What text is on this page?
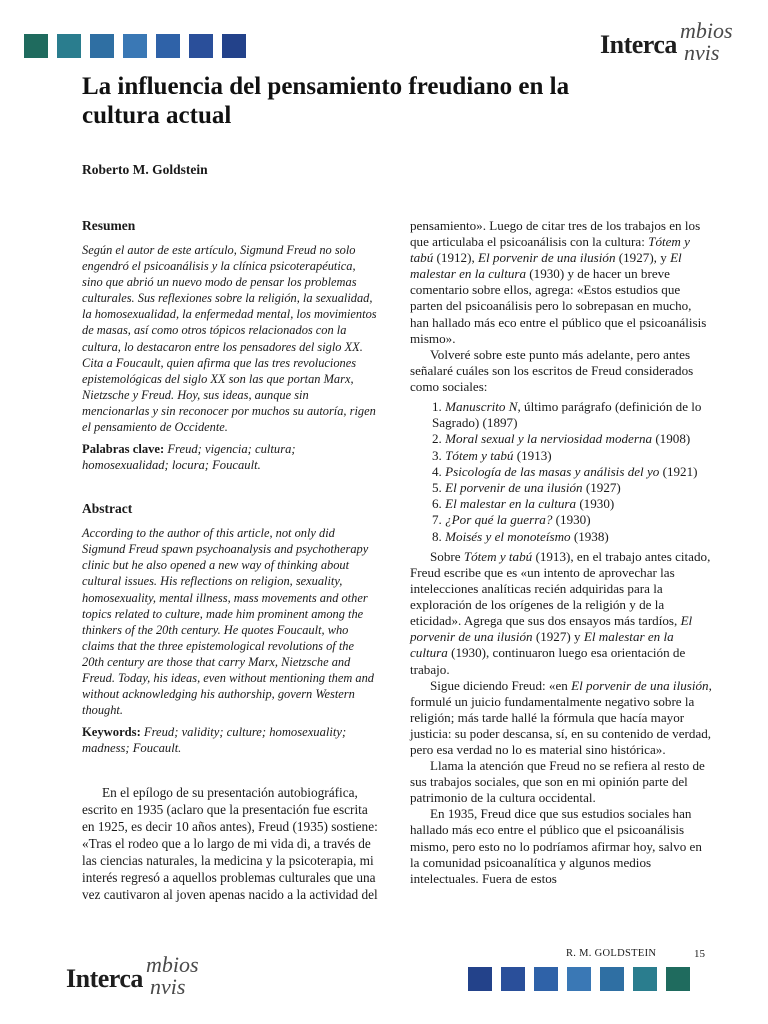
Interca mbios
nvis
La influencia del pensamiento freudiano en la cultura actual

Roberto M. Goldstein

Resumen

Según el autor de este artículo, Sigmund Freud no solo engendró el psicoanálisis y la clínica psicoterapéutica, sino que abrió un nuevo modo de pensar los problemas culturales. Sus reflexiones sobre la religión, la sexualidad, la homosexualidad, la enfermedad mental, los movimientos de masas, así como otros tópicos relacionados con la cultura, lo destacaron entre los pensadores del siglo XX. Cita a Foucault, quien afirma que las tres revoluciones epistemológicas del siglo XX son las que portan Marx, Nietzsche y Freud. Hoy, sus ideas, aunque sin mencionarlas y sin reconocer por muchos su autoría, rigen el pensamiento de Occidente.

Palabras clave: Freud; vigencia; cultura; homosexualidad; locura; Foucault.

Abstract

According to the author of this article, not only did Sigmund Freud spawn psychoanalysis and psychotherapy clinic but he also opened a new way of thinking about cultural issues. His reflections on religion, sexuality, homosexuality, mental illness, mass movements and other topics related to culture, made him prominent among the thinkers of the 20th century. He quotes Foucault, who claims that the three epistemological revolutions of the 20th century are those that carry Marx, Nietzsche and Freud. Today, his ideas, even without mentioning them and without acknowledging his authorship, govern Western thought.

Keywords: Freud; validity; culture; homosexuality; madness; Foucault.

En el epílogo de su presentación autobiográfica, escrito en 1935 (aclaro que la presentación fue escrita en 1925, es decir 10 años antes), Freud (1935) sostiene: «Tras el rodeo que a lo largo de mi vida di, a través de las ciencias naturales, la medicina y la psicoterapia, mi interés regresó a aquellos problemas culturales que una vez cautivaron al joven apenas nacido a la actividad del

pensamiento». Luego de citar tres de los trabajos en los que articulaba el psicoanálisis con la cultura: Tótem y tabú (1912), El porvenir de una ilusión (1927), y El malestar en la cultura (1930) y de hacer un breve comentario sobre ellos, agrega: «Estos estudios que parten del psicoanálisis pero lo sobrepasan en mucho, han hallado más eco entre el público que el psicoanálisis mismo».

Volveré sobre este punto más adelante, pero antes señalaré cuáles son los escritos de Freud considerados como sociales:

1. Manuscrito N, último parágrafo (definición de lo Sagrado) (1897)
2. Moral sexual y la nerviosidad moderna (1908)
3. Tótem y tabú (1913)
4. Psicología de las masas y análisis del yo (1921)
5. El porvenir de una ilusión (1927)
6. El malestar en la cultura (1930)
7. ¿Por qué la guerra? (1930)
8. Moisés y el monoteísmo (1938)

Sobre Tótem y tabú (1913), en el trabajo antes citado, Freud escribe que es «un intento de aprovechar las intelecciones analíticas recién adquiridas para la exploración de los orígenes de la religión y de la eticidad». Agrega que sus dos ensayos más tardíos, El porvenir de una ilusión (1927) y El malestar en la cultura (1930), continuaron luego esa orientación de trabajo.

Sigue diciendo Freud: «en El porvenir de una ilusión, formulé un juicio fundamentalmente negativo sobre la religión; más tarde hallé la fórmula que hacía mayor justicia: su poder descansa, sí, en su contenido de verdad, pero esa verdad no lo es material sino histórica».

Llama la atención que Freud no se refiera al resto de sus trabajos sociales, que son en mi opinión parte del patrimonio de la cultura occidental.

En 1935, Freud dice que sus estudios sociales han hallado más eco entre el público que el psicoanálisis mismo, pero esto no lo podríamos afirmar hoy, salvo en la comunidad psicoanalítica y algunos medios intelectuales. Fuera de estos

R. M. GOLDSTEIN	15
Interca mbios
nvis
